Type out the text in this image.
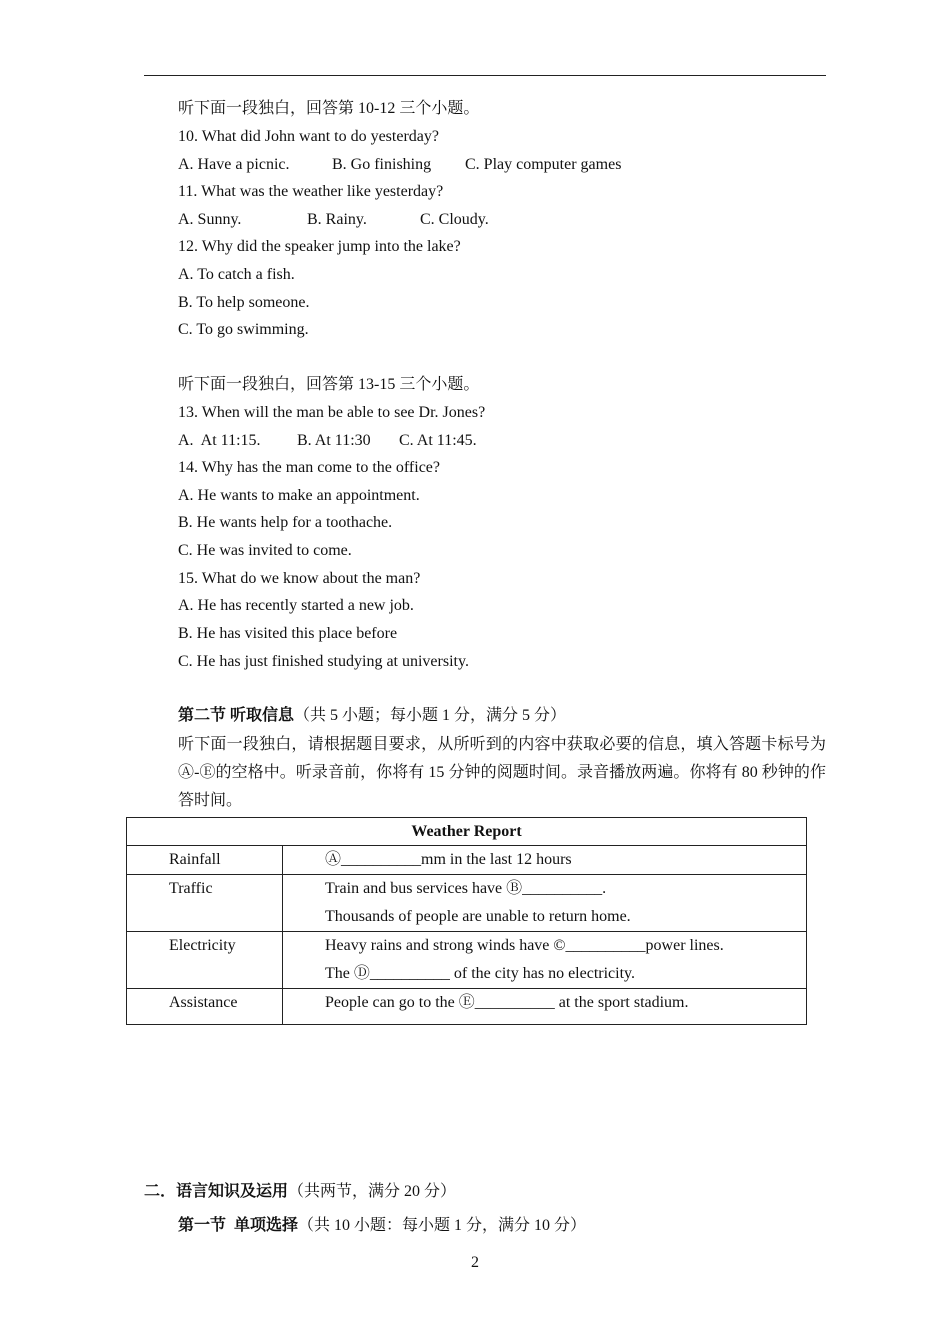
听下面一段独白，回答第 10-12 三个小题。
10. What did John want to do yesterday?
A. Have a picnic.	B. Go finishing C. Play computer games
11. What was the weather like yesterday?
A. Sunny.	B. Rainy.	C. Cloudy.
12. Why did the speaker jump into the lake?
A. To catch a fish.
B. To help someone.
C. To go swimming.
听下面一段独白，回答第 13-15 三个小题。
13. When will the man be able to see Dr. Jones?
A.  At 11:15. B. At 11:30 C. At 11:45.
14. Why has the man come to the office?
A. He wants to make an appointment.
B. He wants help for a toothache.
C. He was invited to come.
15. What do we know about the man?
A. He has recently started a new job.
B. He has visited this place before
C. He has just finished studying at university.
第二节 听取信息（共 5 小题；每小题 1 分，满分 5 分）
听下面一段独白，请根据题目要求，从所听到的内容中获取必要的信息，填入答题卡标号为Ⓐ-Ⓔ的空格中。听录音前，你将有 15 分钟的阅题时间。录音播放两遍。你将有 80 秒钟的作答时间。
Weather Report	
Rainfall	Ⓐ__________mm in the last 12 hours

Traffic	Train and bus services have Ⓑ__________.
Thousands of people are unable to return home.

Electricity	Heavy rains and strong winds have ©__________power lines.
The Ⓓ__________ of the city has no electricity.

Assistance	People can go to the Ⓔ__________ at the sport stadium.
二．语言知识及运用（共两节，满分 20 分）
第一节  单项选择（共 10 小题：每小题 1 分，满分 10 分）
2
